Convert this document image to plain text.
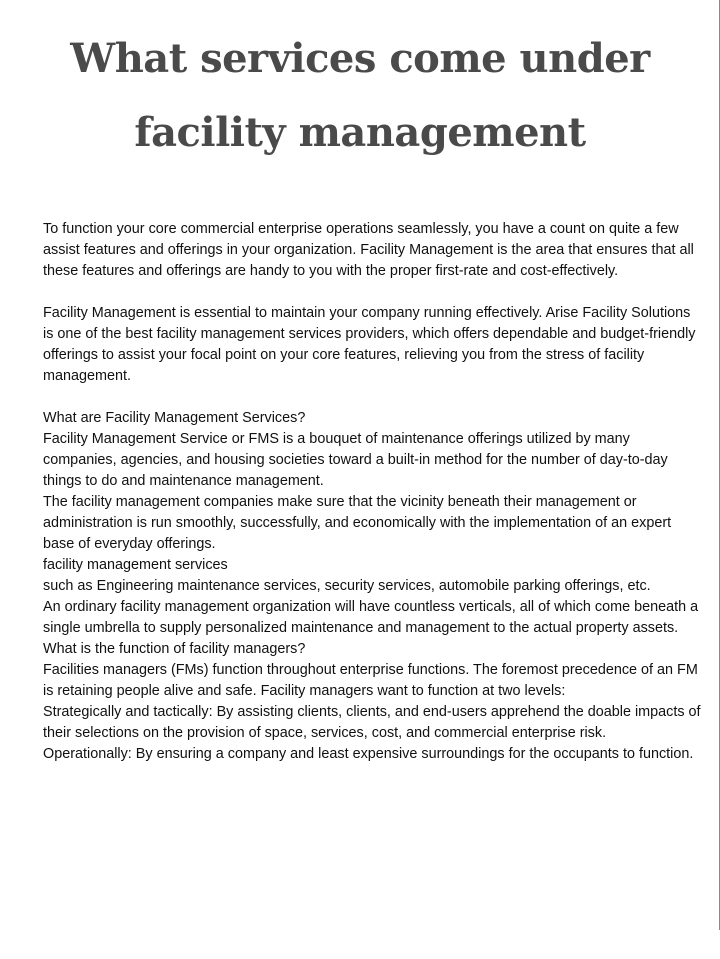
What services come under
facility management

To function your core commercial enterprise operations seamlessly, you have a count on quite a few assist features and offerings in your organization. Facility Management is the area that ensures that all these features and offerings are handy to you with the proper first-rate and cost-effectively.

Facility Management is essential to maintain your company running effectively. Arise Facility Solutions is one of the best facility management services providers, which offers dependable and budget-friendly offerings to assist your focal point on your core features, relieving you from the stress of facility management.

What are Facility Management Services?

Facility Management Service or FMS is a bouquet of maintenance offerings utilized by many companies, agencies, and housing societies toward a built-in method for the number of day-to-day things to do and maintenance management.

The facility management companies make sure that the vicinity beneath their management or administration is run smoothly, successfully, and economically with the implementation of an expert base of everyday offerings.

facility management services

such as Engineering maintenance services, security services, automobile parking offerings, etc.

An ordinary facility management organization will have countless verticals, all of which come beneath a single umbrella to supply personalized maintenance and management to the actual property assets.

What is the function of facility managers?

Facilities managers (FMs) function throughout enterprise functions. The foremost precedence of an FM is retaining people alive and safe. Facility managers want to function at two levels:

Strategically and tactically: By assisting clients, clients, and end-users apprehend the doable impacts of their selections on the provision of space, services, cost, and commercial enterprise risk.

Operationally: By ensuring a company and least expensive surroundings for the occupants to function.
